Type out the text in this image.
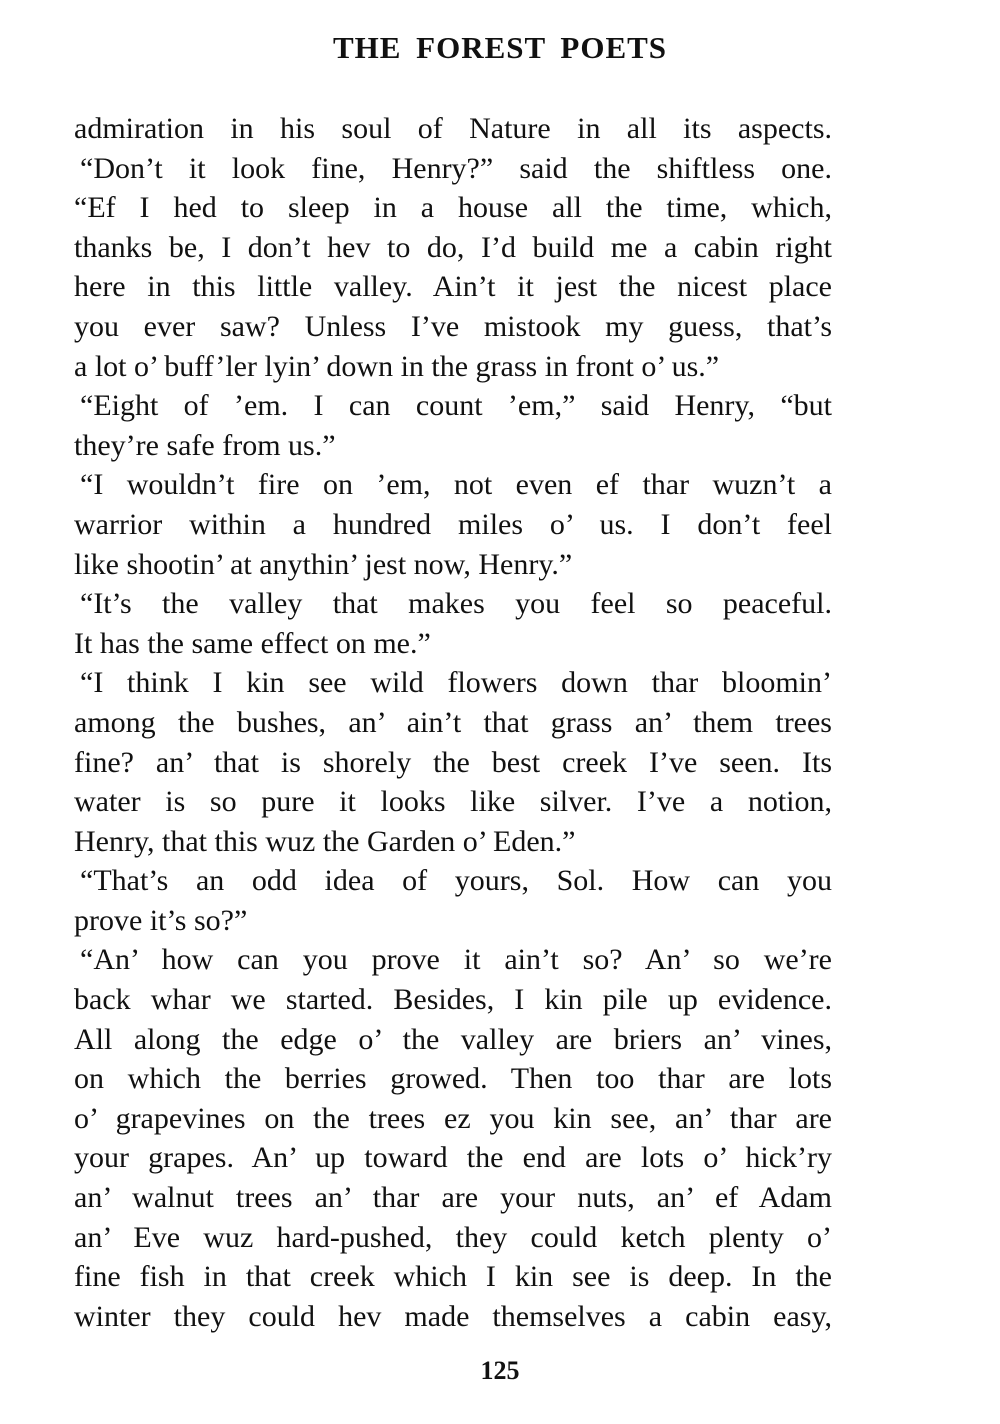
THE FOREST POETS
admiration in his soul of Nature in all its aspects.
“Don’t it look fine, Henry?” said the shiftless one.
“Ef I hed to sleep in a house all the time, which,
thanks be, I don’t hev to do, I’d build me a cabin right
here in this little valley. Ain’t it jest the nicest place
you ever saw? Unless I’ve mistook my guess, that’s
a lot o’ buff’ler lyin’ down in the grass in front o’ us.”
“Eight of ’em. I can count ’em,” said Henry, “but
they’re safe from us.”
“I wouldn’t fire on ’em, not even ef thar wuzn’t a
warrior within a hundred miles o’ us. I don’t feel
like shootin’ at anythin’ jest now, Henry.”
“It’s the valley that makes you feel so peaceful.
It has the same effect on me.”
“I think I kin see wild flowers down thar bloomin’
among the bushes, an’ ain’t that grass an’ them trees
fine? an’ that is shorely the best creek I’ve seen. Its
water is so pure it looks like silver. I’ve a notion,
Henry, that this wuz the Garden o’ Eden.”
“That’s an odd idea of yours, Sol. How can you
prove it’s so?”
“An’ how can you prove it ain’t so? An’ so we’re
back whar we started. Besides, I kin pile up evidence.
All along the edge o’ the valley are briers an’ vines,
on which the berries growed. Then too thar are lots
o’ grapevines on the trees ez you kin see, an’ thar are
your grapes. An’ up toward the end are lots o’ hick’ry
an’ walnut trees an’ thar are your nuts, an’ ef Adam
an’ Eve wuz hard-pushed, they could ketch plenty o’
fine fish in that creek which I kin see is deep. In the
winter they could hev made themselves a cabin easy,
125
